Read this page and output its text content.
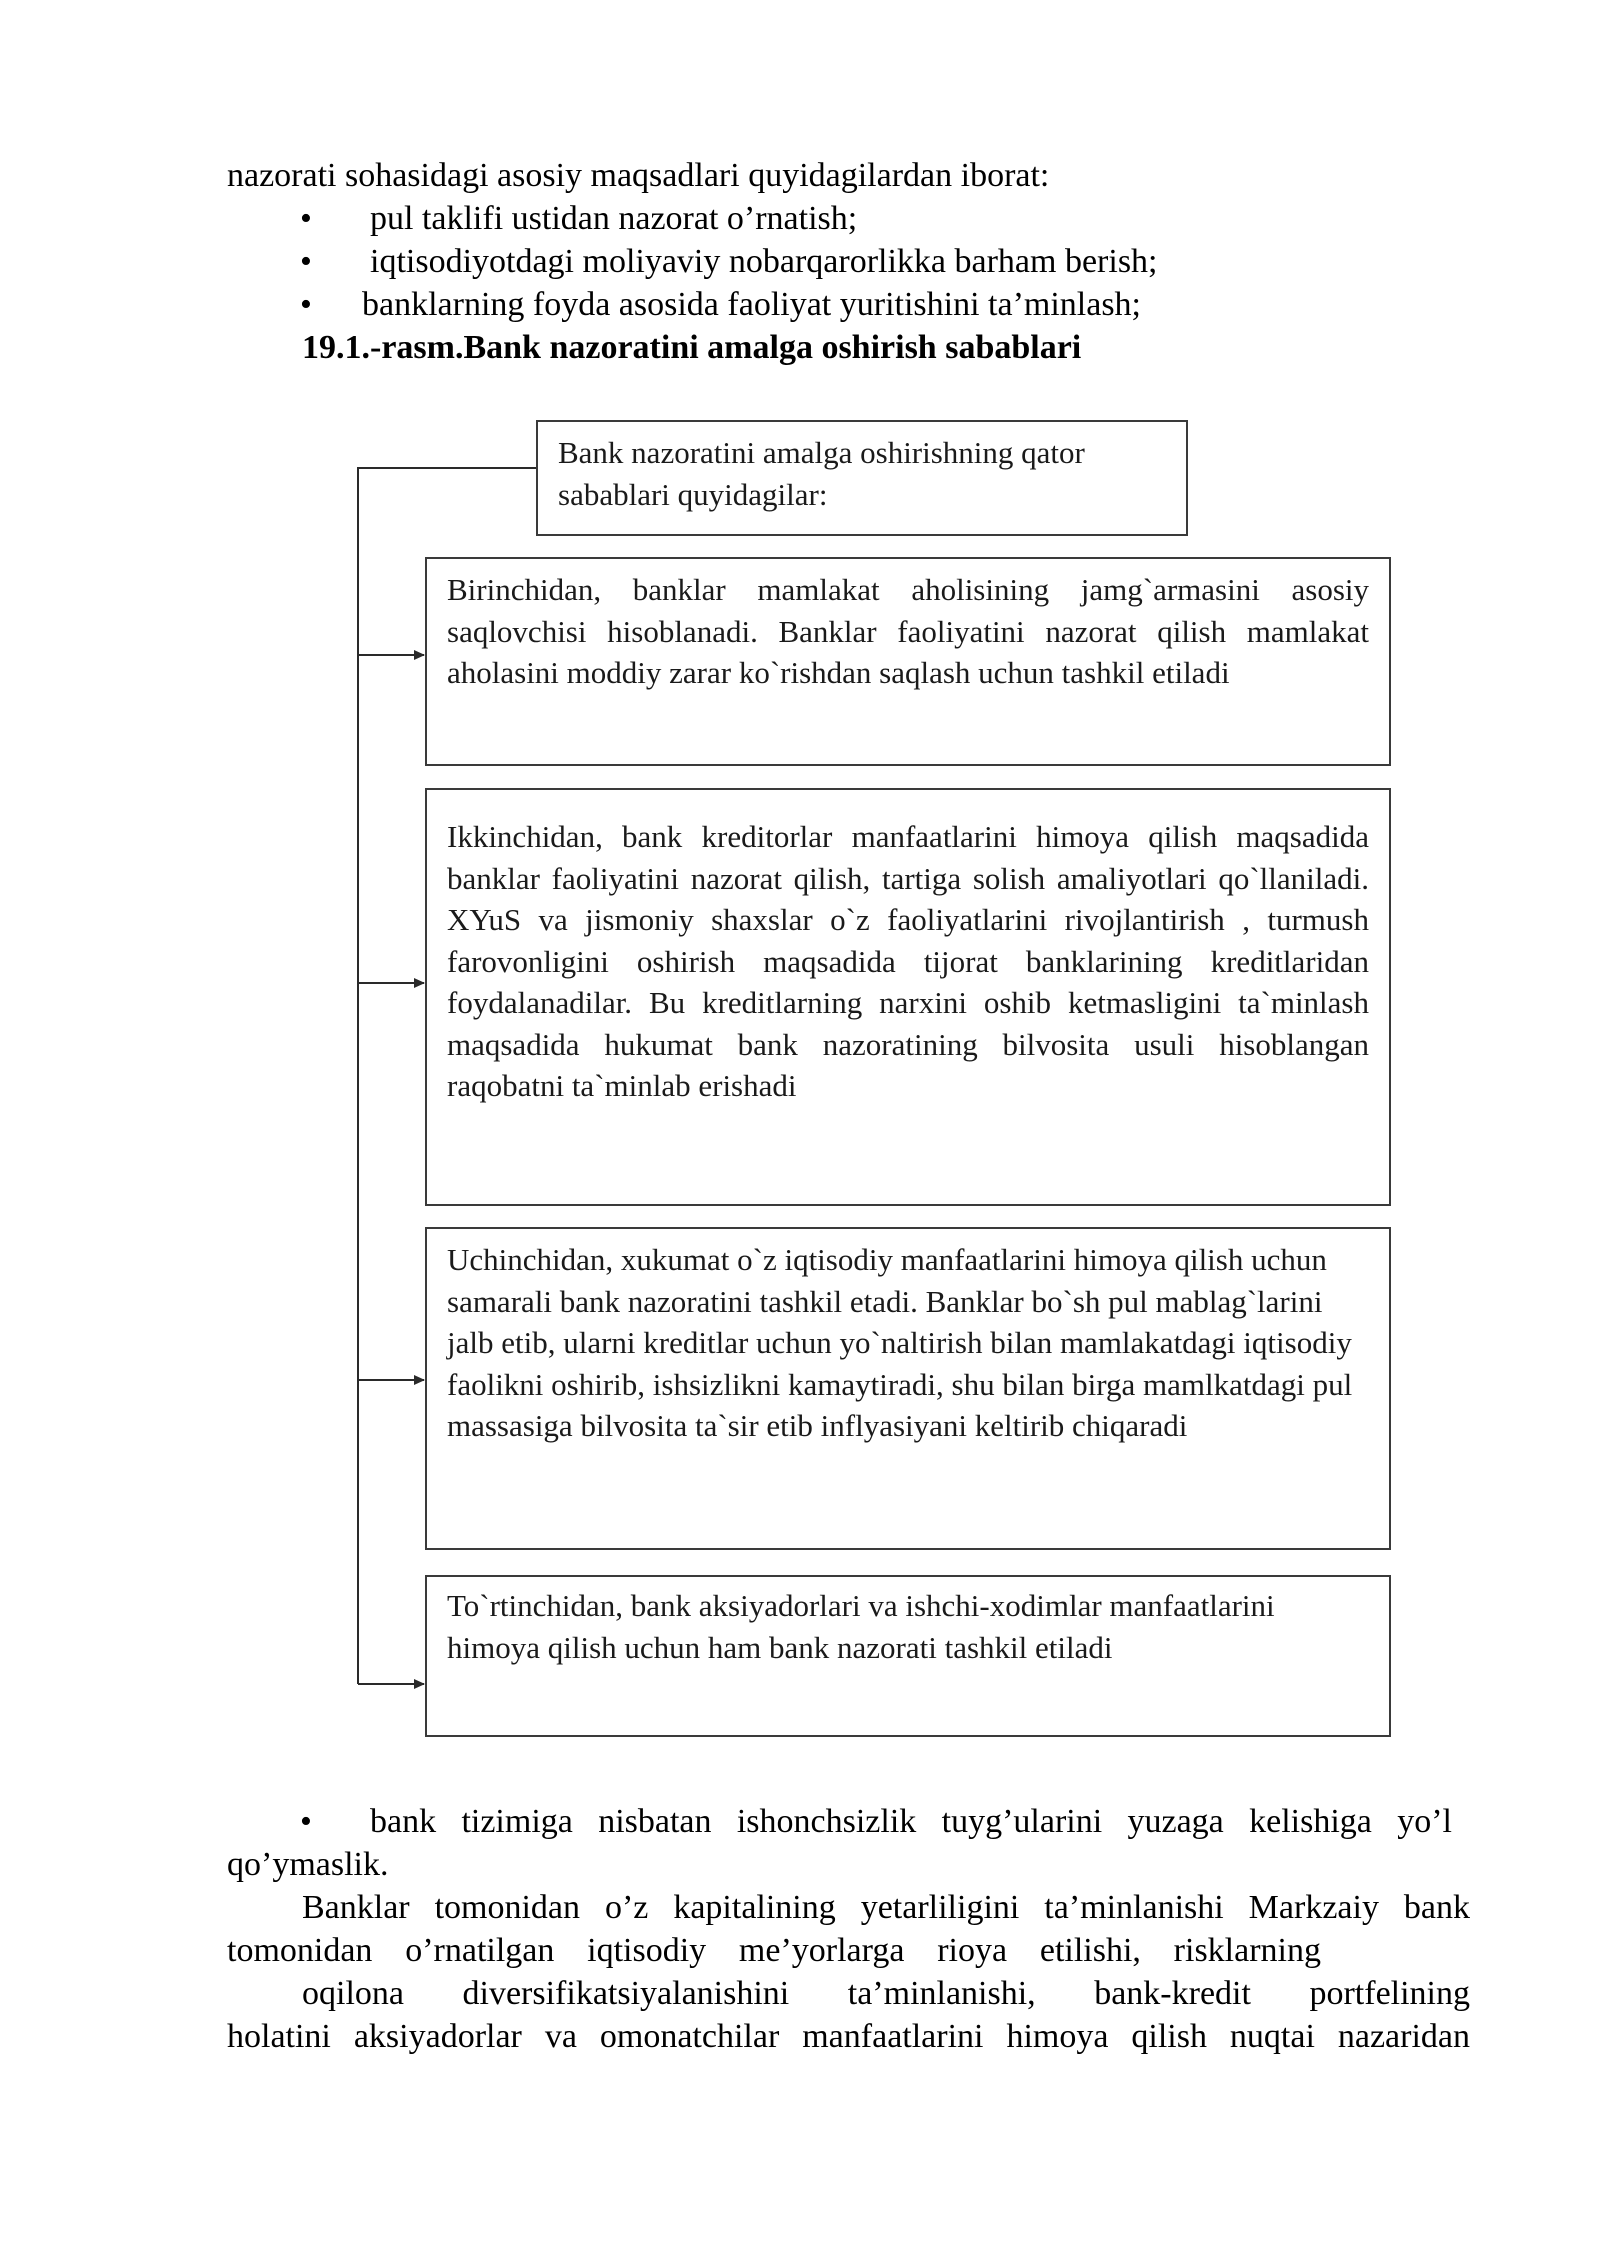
nazorati sohasidagi asosiy maqsadlari quyidagilardan iborat:
• pul taklifi ustidan nazorat o’rnatish;
• iqtisodiyotdagi moliyaviy nobarqarorlikka barham berish;
• banklarning foyda asosida faoliyat yuritishini ta’minlash;
19.1.-rasm.Bank nazoratini amalga oshirish sabablari
Bank nazoratini amalga oshirishning qator sabablari quyidagilar:
Birinchidan, banklar mamlakat aholisining jamg`armasini asosiy saqlovchisi hisoblanadi. Banklar faoliyatini nazorat qilish mamlakat aholasini moddiy zarar ko`rishdan saqlash uchun tashkil etiladi
Ikkinchidan, bank kreditorlar manfaatlarini himoya qilish maqsadida banklar faoliyatini nazorat qilish, tartiga solish amaliyotlari qo`llaniladi. XYuS va jismoniy shaxslar o`z faoliyatlarini rivojlantirish , turmush farovonligini oshirish maqsadida tijorat banklarining kreditlaridan foydalanadilar. Bu kreditlarning narxini oshib ketmasligini ta`minlash maqsadida hukumat bank nazoratining bilvosita usuli hisoblangan raqobatni ta`minlab erishadi
Uchinchidan, xukumat o`z iqtisodiy manfaatlarini himoya qilish uchun samarali bank nazoratini tashkil etadi. Banklar bo`sh pul mablag`larini jalb etib, ularni kreditlar uchun yo`naltirish bilan mamlakatdagi iqtisodiy faolikni oshirib, ishsizlikni kamaytiradi, shu bilan birga mamlkatdagi pul massasiga bilvosita ta`sir etib inflyasiyani keltirib chiqaradi
To`rtinchidan, bank aksiyadorlari va ishchi-xodimlar manfaatlarini himoya qilish uchun ham bank nazorati tashkil etiladi
• bank tizimiga nisbatan ishonchsizlik tuyg’ularini yuzaga kelishiga yo’l
qo’ymaslik.
Banklar tomonidan o’z kapitalining yetarliligini ta’minlanishi Markzaiy bank
tomonidan o’rnatilgan iqtisodiy me’yorlarga rioya etilishi, risklarning
oqilona diversifikatsiyalanishini ta’minlanishi, bank-kredit portfelining
holatini aksiyadorlar va omonatchilar manfaatlarini himoya qilish nuqtai nazaridan
